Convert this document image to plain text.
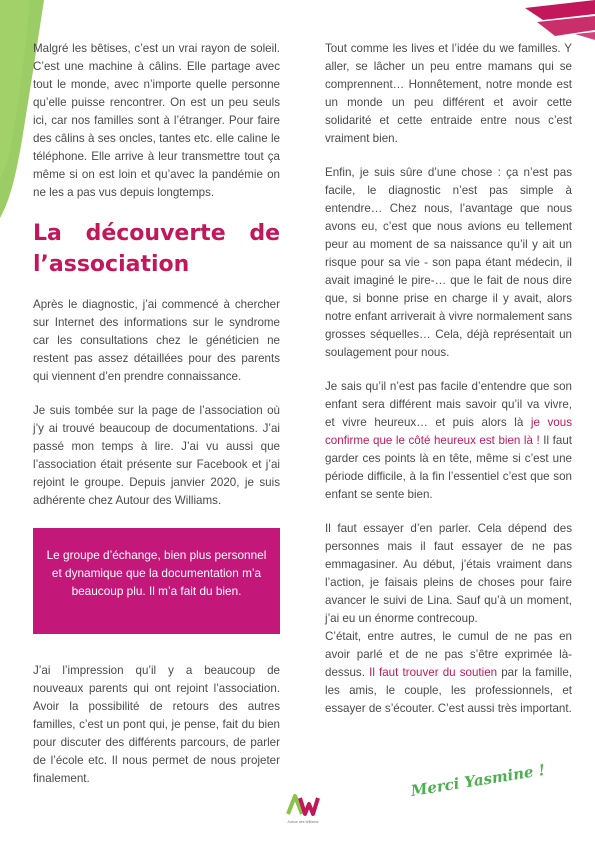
Malgré les bêtises, c’est un vrai rayon de soleil. C’est une machine à câlins. Elle partage avec tout le monde, avec n’importe quelle personne qu’elle puisse rencontrer. On est un peu seuls ici, car nos familles sont à l’étranger. Pour faire des câlins à ses oncles, tantes etc. elle caline le téléphone. Elle arrive à leur transmettre tout ça même si on est loin et qu’avec la pandémie on ne les a pas vus depuis longtemps.

La découverte de l’association

Après le diagnostic, j’ai commencé à chercher sur Internet des informations sur le syndrome car les consultations chez le généticien ne restent pas assez détaillées pour des parents qui viennent d’en prendre connaissance.

Je suis tombée sur la page de l’association où j’y ai trouvé beaucoup de documentations. J’ai passé mon temps à lire. J’ai vu aussi que l’association était présente sur Facebook et j’ai rejoint le groupe. Depuis janvier 2020, je suis adhérente chez Autour des Williams.

Le groupe d’échange, bien plus personnel et dynamique que la documentation m’a beaucoup plu. Il m’a fait du bien.

J’ai l’impression qu’il y a beaucoup de nouveaux parents qui ont rejoint l’association. Avoir la possibilité de retours des autres familles, c’est un pont qui, je pense, fait du bien pour discuter des différents parcours, de parler de l’école etc. Il nous permet de nous projeter finalement.

Tout comme les lives et l’idée du we familles. Y aller, se lâcher un peu entre mamans qui se comprennent… Honnêtement, notre monde est un monde un peu différent et avoir cette solidarité et cette entraide entre nous c’est vraiment bien.

Enfin, je suis sûre d’une chose : ça n’est pas facile, le diagnostic n’est pas simple à entendre… Chez nous, l’avantage que nous avons eu, c’est que nous avions eu tellement peur au moment de sa naissance qu’il y ait un risque pour sa vie - son papa étant médecin, il avait imaginé le pire-… que le fait de nous dire que, si bonne prise en charge il y avait, alors notre enfant arriverait à vivre normalement sans grosses séquelles… Cela, déjà représentait un soulagement pour nous.

Je sais qu’il n’est pas facile d’entendre que son enfant sera différent mais savoir qu’il va vivre, et vivre heureux… et puis alors là je vous confirme que le côté heureux est bien là ! Il faut garder ces points là en tête, même si c’est une période difficile, à la fin l’essentiel c’est que son enfant se sente bien.

Il faut essayer d’en parler. Cela dépend des personnes mais il faut essayer de ne pas emmagasiner. Au début, j’étais vraiment dans l’action, je faisais pleins de choses pour faire avancer le suivi de Lina. Sauf qu’à un moment, j’ai eu un énorme contrecoup.

C’était, entre autres, le cumul de ne pas en avoir parlé et de ne pas s’être exprimée là-dessus. Il faut trouver du soutien par la famille, les amis, le couple, les professionnels, et essayer de s’écouter. C’est aussi très important.

Autour des Williams
Merci Yasmine !
